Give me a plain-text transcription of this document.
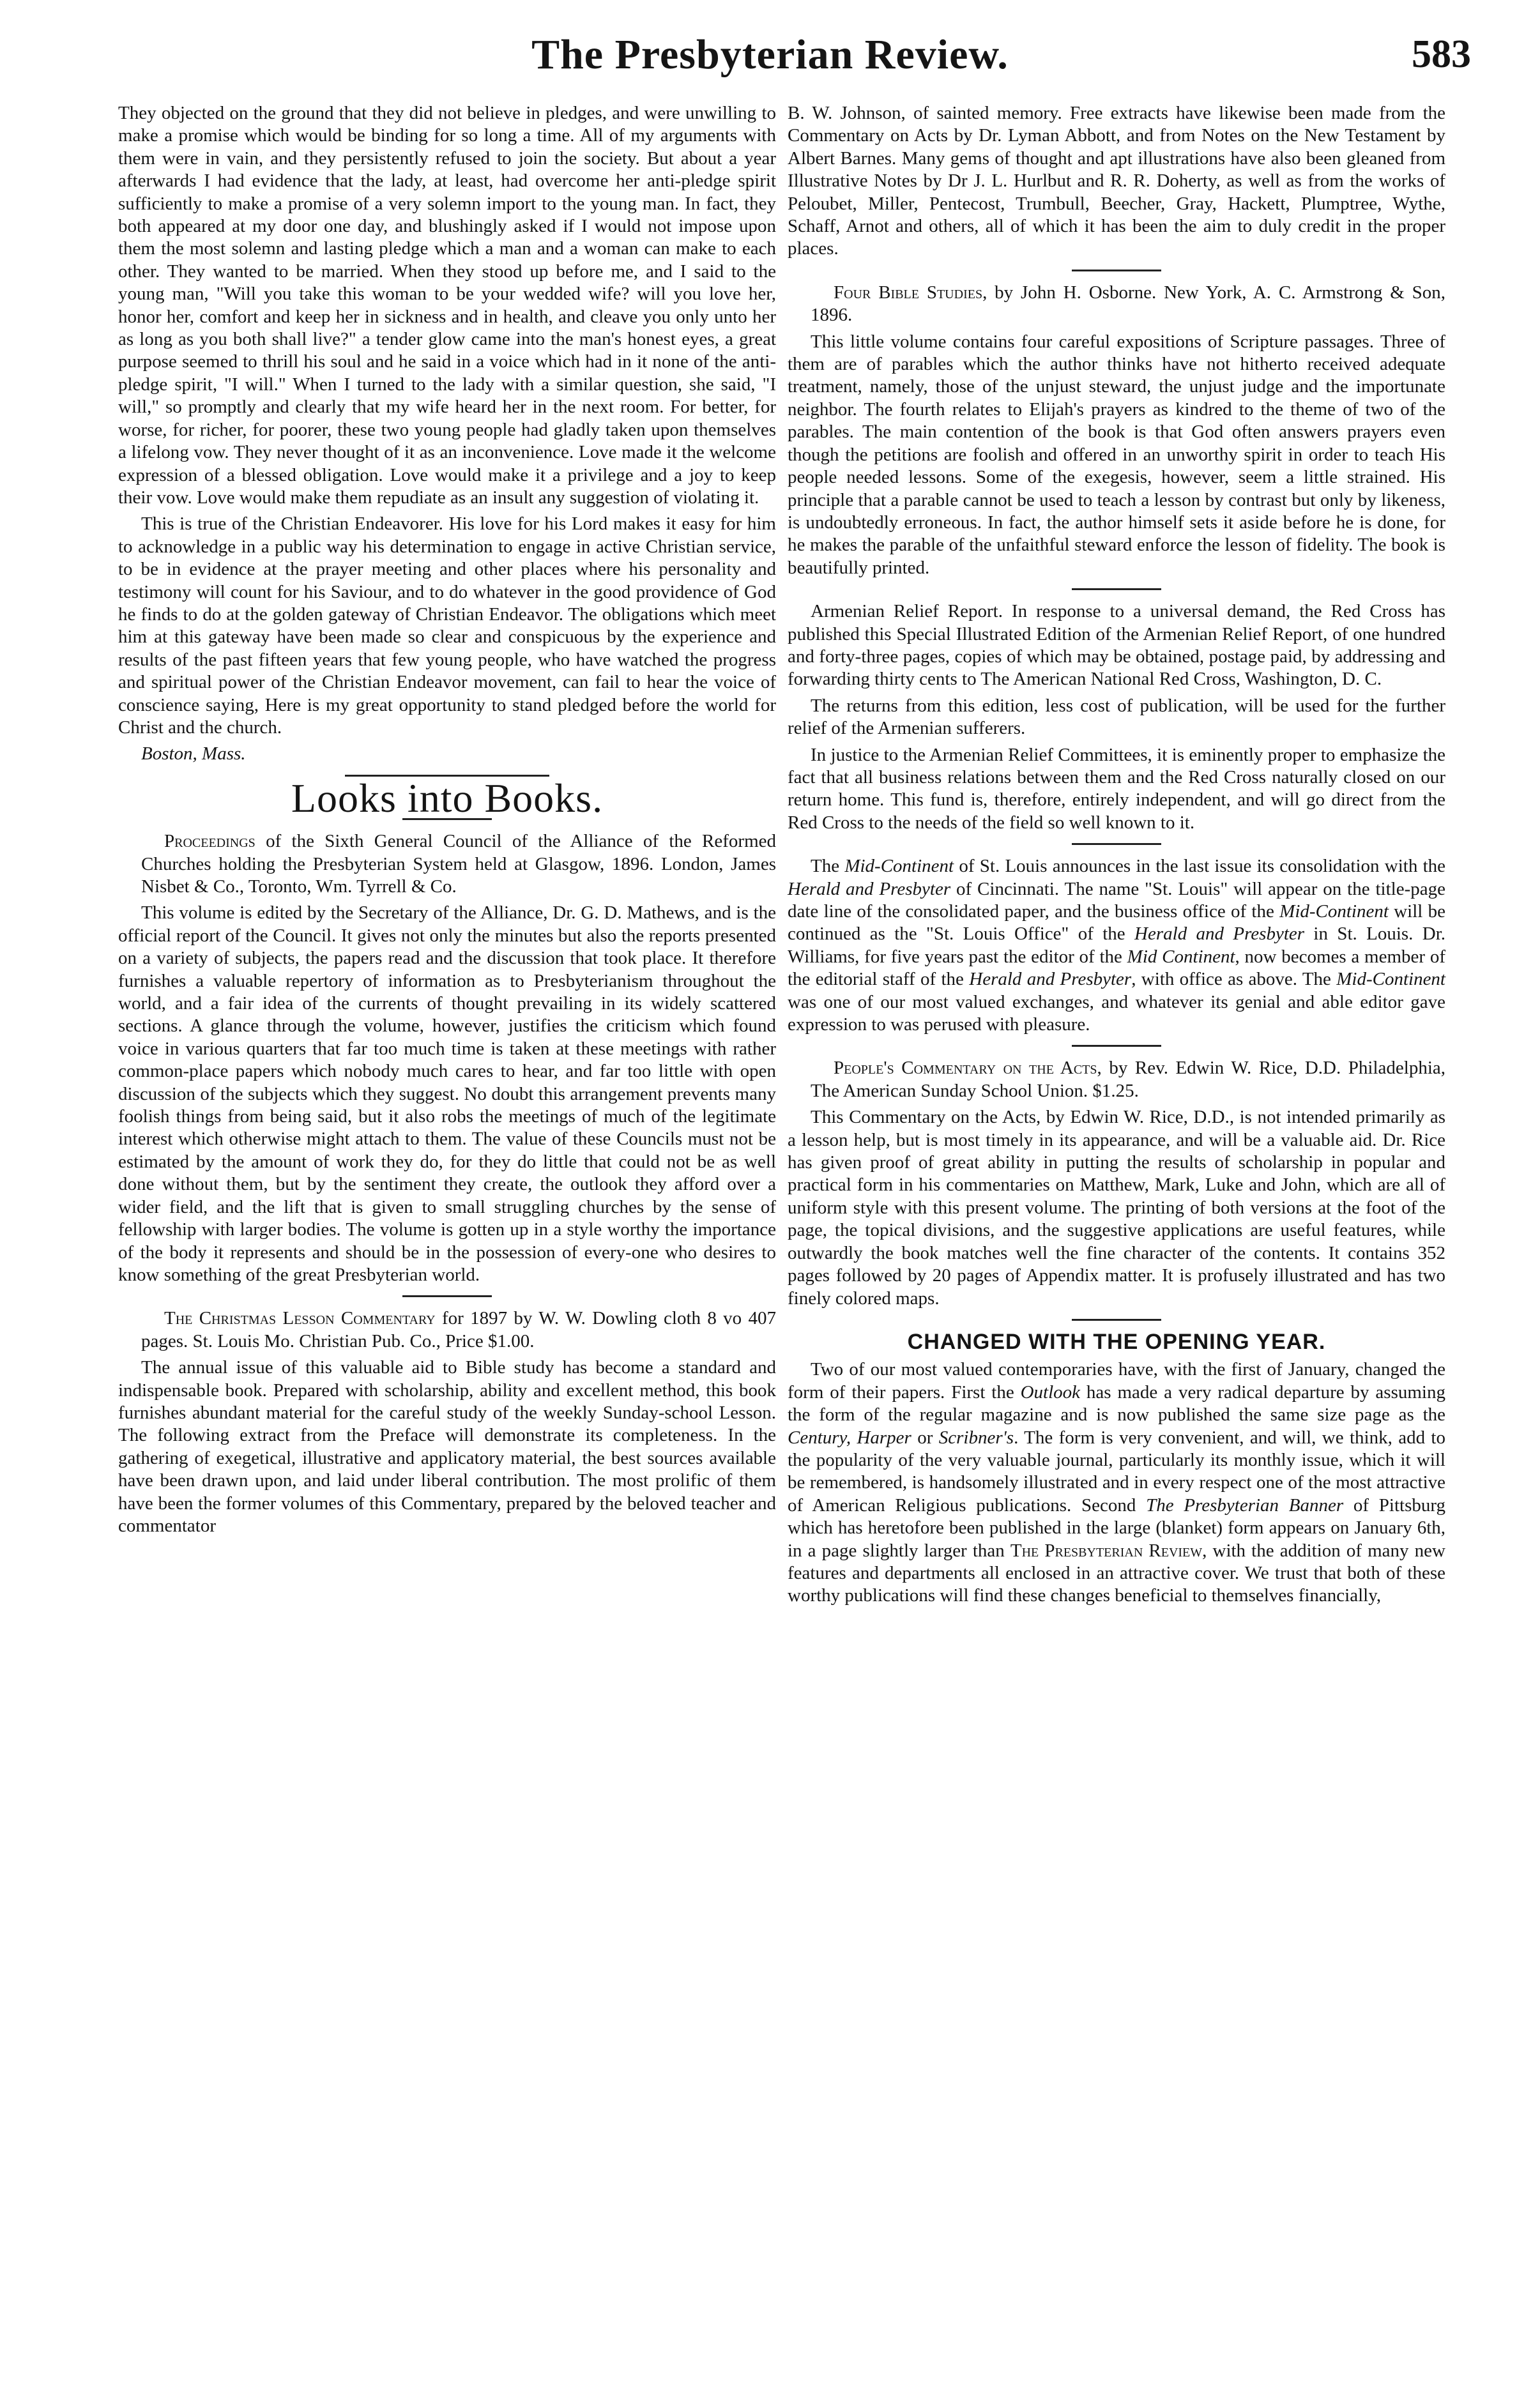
The Presbyterian Review.	583

They objected on the ground that they did not believe in pledges, and were unwilling to make a promise which would be binding for so long a time. All of my arguments with them were in vain, and they persistently refused to join the society. But about a year afterwards I had evidence that the lady, at least, had overcome her anti-pledge spirit sufficiently to make a promise of a very solemn import to the young man. In fact, they both appeared at my door one day, and blushingly asked if I would not impose upon them the most solemn and lasting pledge which a man and a woman can make to each other. They wanted to be married. When they stood up before me, and I said to the young man, "Will you take this woman to be your wedded wife? will you love her, honor her, comfort and keep her in sickness and in health, and cleave you only unto her as long as you both shall live?" a tender glow came into the man's honest eyes, a great purpose seemed to thrill his soul and he said in a voice which had in it none of the anti-pledge spirit, "I will." When I turned to the lady with a similar question, she said, "I will," so promptly and clearly that my wife heard her in the next room. For better, for worse, for richer, for poorer, these two young people had gladly taken upon themselves a lifelong vow. They never thought of it as an inconvenience. Love made it the welcome expression of a blessed obligation. Love would make it a privilege and a joy to keep their vow. Love would make them repudiate as an insult any suggestion of violating it.

This is true of the Christian Endeavorer. His love for his Lord makes it easy for him to acknowledge in a public way his determination to engage in active Christian service, to be in evidence at the prayer meeting and other places where his personality and testimony will count for his Saviour, and to do whatever in the good providence of God he finds to do at the golden gateway of Christian Endeavor. The obligations which meet him at this gateway have been made so clear and conspicuous by the experience and results of the past fifteen years that few young people, who have watched the progress and spiritual power of the Christian Endeavor movement, can fail to hear the voice of conscience saying, Here is my great opportunity to stand pledged before the world for Christ and the church.

Boston, Mass.

Looks into Books.

Proceedings of the Sixth General Council of the Alliance of the Reformed Churches holding the Presbyterian System held at Glasgow, 1896. London, James Nisbet & Co., Toronto, Wm. Tyrrell & Co.

This volume is edited by the Secretary of the Alliance, Dr. G. D. Mathews, and is the official report of the Council. It gives not only the minutes but also the reports presented on a variety of subjects, the papers read and the discussion that took place. It therefore furnishes a valuable repertory of information as to Presbyterianism throughout the world, and a fair idea of the currents of thought prevailing in its widely scattered sections. A glance through the volume, however, justifies the criticism which found voice in various quarters that far too much time is taken at these meetings with rather common-place papers which nobody much cares to hear, and far too little with open discussion of the subjects which they suggest. No doubt this arrangement prevents many foolish things from being said, but it also robs the meetings of much of the legitimate interest which otherwise might attach to them. The value of these Councils must not be estimated by the amount of work they do, for they do little that could not be as well done without them, but by the sentiment they create, the outlook they afford over a wider field, and the lift that is given to small struggling churches by the sense of fellowship with larger bodies. The volume is gotten up in a style worthy the importance of the body it represents and should be in the possession of every-one who desires to know something of the great Presbyterian world.

The Christmas Lesson Commentary for 1897 by W. W. Dowling cloth 8 vo 407 pages. St. Louis Mo. Christian Pub. Co., Price $1.00.

The annual issue of this valuable aid to Bible study has become a standard and indispensable book. Prepared with scholarship, ability and excellent method, this book furnishes abundant material for the careful study of the weekly Sunday-school Lesson. The following extract from the Preface will demonstrate its completeness. In the gathering of exegetical, illustrative and applicatory material, the best sources available have been drawn upon, and laid under liberal contribution. The most prolific of them have been the former volumes of this Commentary, prepared by the beloved teacher and commentator

B. W. Johnson, of sainted memory. Free extracts have likewise been made from the Commentary on Acts by Dr. Lyman Abbott, and from Notes on the New Testament by Albert Barnes. Many gems of thought and apt illustrations have also been gleaned from Illustrative Notes by Dr J. L. Hurlbut and R. R. Doherty, as well as from the works of Peloubet, Miller, Pentecost, Trumbull, Beecher, Gray, Hackett, Plumptree, Wythe, Schaff, Arnot and others, all of which it has been the aim to duly credit in the proper places.

Four Bible Studies, by John H. Osborne. New York, A. C. Armstrong & Son, 1896.

This little volume contains four careful expositions of Scripture passages. Three of them are of parables which the author thinks have not hitherto received adequate treatment, namely, those of the unjust steward, the unjust judge and the importunate neighbor. The fourth relates to Elijah's prayers as kindred to the theme of two of the parables. The main contention of the book is that God often answers prayers even though the petitions are foolish and offered in an unworthy spirit in order to teach His people needed lessons. Some of the exegesis, however, seem a little strained. His principle that a parable cannot be used to teach a lesson by contrast but only by likeness, is undoubtedly erroneous. In fact, the author himself sets it aside before he is done, for he makes the parable of the unfaithful steward enforce the lesson of fidelity. The book is beautifully printed.

Armenian Relief Report. In response to a universal demand, the Red Cross has published this Special Illustrated Edition of the Armenian Relief Report, of one hundred and forty-three pages, copies of which may be obtained, postage paid, by addressing and forwarding thirty cents to The American National Red Cross, Washington, D. C.

The returns from this edition, less cost of publication, will be used for the further relief of the Armenian sufferers.

In justice to the Armenian Relief Committees, it is eminently proper to emphasize the fact that all business relations between them and the Red Cross naturally closed on our return home. This fund is, therefore, entirely independent, and will go direct from the Red Cross to the needs of the field so well known to it.

The Mid-Continent of St. Louis announces in the last issue its consolidation with the Herald and Presbyter of Cincinnati. The name "St. Louis" will appear on the title-page date line of the consolidated paper, and the business office of the Mid-Continent will be continued as the "St. Louis Office" of the Herald and Presbyter in St. Louis. Dr. Williams, for five years past the editor of the Mid Continent, now becomes a member of the editorial staff of the Herald and Presbyter, with office as above. The Mid-Continent was one of our most valued exchanges, and whatever its genial and able editor gave expression to was perused with pleasure.

People's Commentary on the Acts, by Rev. Edwin W. Rice, D.D. Philadelphia, The American Sunday School Union. $1.25.

This Commentary on the Acts, by Edwin W. Rice, D.D., is not intended primarily as a lesson help, but is most timely in its appearance, and will be a valuable aid. Dr. Rice has given proof of great ability in putting the results of scholarship in popular and practical form in his commentaries on Matthew, Mark, Luke and John, which are all of uniform style with this present volume. The printing of both versions at the foot of the page, the topical divisions, and the suggestive applications are useful features, while outwardly the book matches well the fine character of the contents. It contains 352 pages followed by 20 pages of Appendix matter. It is profusely illustrated and has two finely colored maps.

CHANGED WITH THE OPENING YEAR.

Two of our most valued contemporaries have, with the first of January, changed the form of their papers. First the Outlook has made a very radical departure by assuming the form of the regular magazine and is now published the same size page as the Century, Harper or Scribner's. The form is very convenient, and will, we think, add to the popularity of the very valuable journal, particularly its monthly issue, which it will be remembered, is handsomely illustrated and in every respect one of the most attractive of American Religious publications. Second The Presbyterian Banner of Pittsburg which has heretofore been published in the large (blanket) form appears on January 6th, in a page slightly larger than The Presbyterian Review, with the addition of many new features and departments all enclosed in an attractive cover. We trust that both of these worthy publications will find these changes beneficial to themselves financially,
